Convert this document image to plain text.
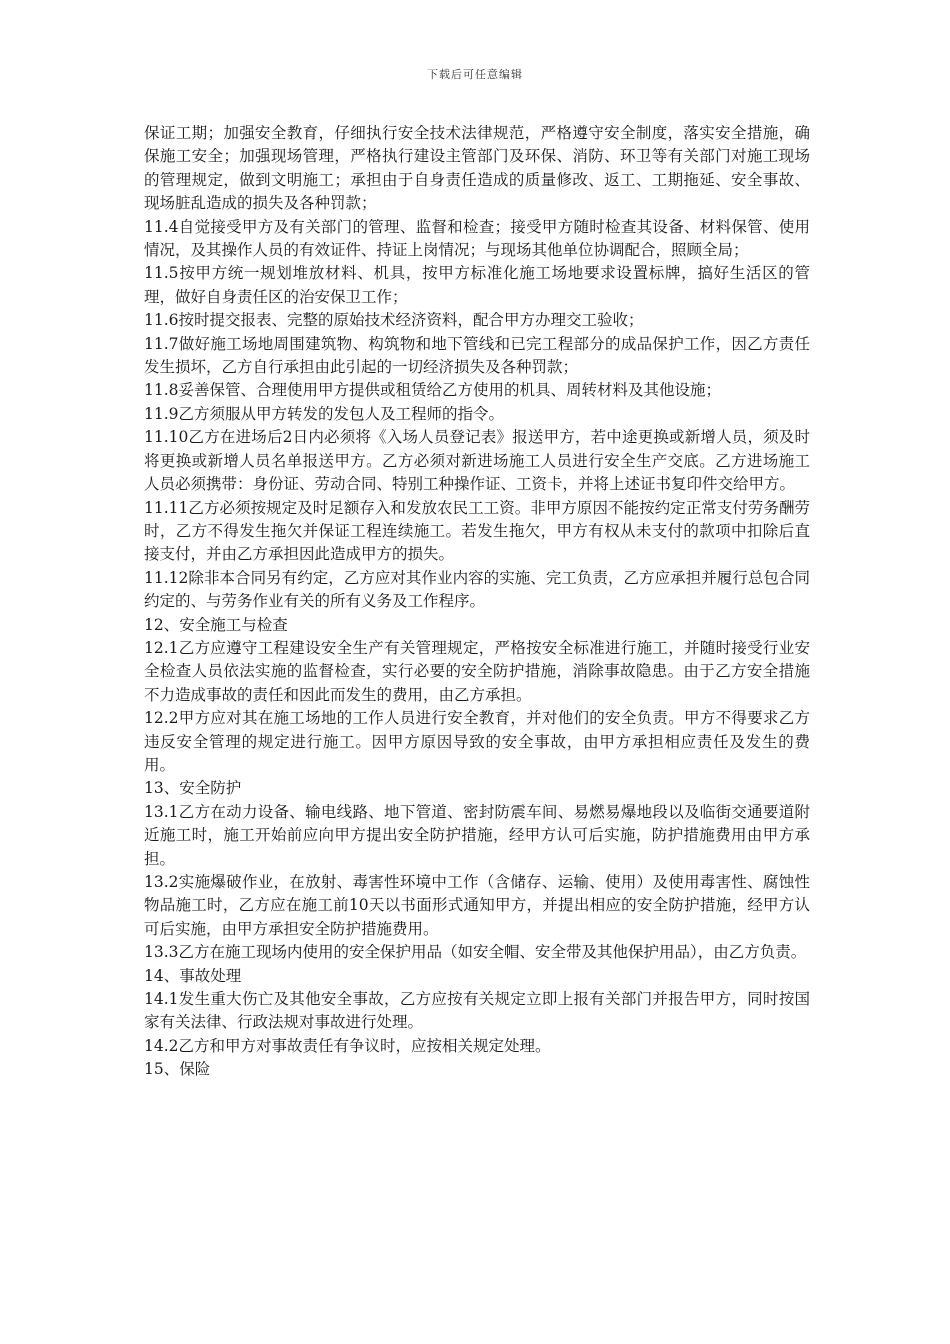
下载后可任意编辑

保证工期；加强安全教育，仔细执行安全技术法律规范，严格遵守安全制度，落实安全措施，确保施工安全；加强现场管理，严格执行建设主管部门及环保、消防、环卫等有关部门对施工现场的管理规定，做到文明施工；承担由于自身责任造成的质量修改、返工、工期拖延、安全事故、现场脏乱造成的损失及各种罚款；

11.4自觉接受甲方及有关部门的管理、监督和检查；接受甲方随时检查其设备、材料保管、使用情况，及其操作人员的有效证件、持证上岗情况；与现场其他单位协调配合，照顾全局；

11.5按甲方统一规划堆放材料、机具，按甲方标准化施工场地要求设置标牌，搞好生活区的管理，做好自身责任区的治安保卫工作；

11.6按时提交报表、完整的原始技术经济资料，配合甲方办理交工验收；

11.7做好施工场地周围建筑物、构筑物和地下管线和已完工程部分的成品保护工作，因乙方责任发生损坏，乙方自行承担由此引起的一切经济损失及各种罚款；

11.8妥善保管、合理使用甲方提供或租赁给乙方使用的机具、周转材料及其他设施；

11.9乙方须服从甲方转发的发包人及工程师的指令。

11.10乙方在进场后2日内必须将《入场人员登记表》报送甲方，若中途更换或新增人员，须及时将更换或新增人员名单报送甲方。乙方必须对新进场施工人员进行安全生产交底。乙方进场施工人员必须携带：身份证、劳动合同、特别工种操作证、工资卡，并将上述证书复印件交给甲方。

11.11乙方必须按规定及时足额存入和发放农民工工资。非甲方原因不能按约定正常支付劳务酬劳时，乙方不得发生拖欠并保证工程连续施工。若发生拖欠，甲方有权从未支付的款项中扣除后直接支付，并由乙方承担因此造成甲方的损失。

11.12除非本合同另有约定，乙方应对其作业内容的实施、完工负责，乙方应承担并履行总包合同约定的、与劳务作业有关的所有义务及工作程序。

12、安全施工与检查

12.1乙方应遵守工程建设安全生产有关管理规定，严格按安全标准进行施工，并随时接受行业安全检查人员依法实施的监督检查，实行必要的安全防护措施，消除事故隐患。由于乙方安全措施不力造成事故的责任和因此而发生的费用，由乙方承担。

12.2甲方应对其在施工场地的工作人员进行安全教育，并对他们的安全负责。甲方不得要求乙方违反安全管理的规定进行施工。因甲方原因导致的安全事故，由甲方承担相应责任及发生的费用。

13、安全防护

13.1乙方在动力设备、输电线路、地下管道、密封防震车间、易燃易爆地段以及临街交通要道附近施工时，施工开始前应向甲方提出安全防护措施，经甲方认可后实施，防护措施费用由甲方承担。

13.2实施爆破作业，在放射、毒害性环境中工作（含储存、运输、使用）及使用毒害性、腐蚀性物品施工时，乙方应在施工前10天以书面形式通知甲方，并提出相应的安全防护措施，经甲方认可后实施，由甲方承担安全防护措施费用。

13.3乙方在施工现场内使用的安全保护用品（如安全帽、安全带及其他保护用品），由乙方负责。

14、事故处理

14.1发生重大伤亡及其他安全事故，乙方应按有关规定立即上报有关部门并报告甲方，同时按国家有关法律、行政法规对事故进行处理。

14.2乙方和甲方对事故责任有争议时，应按相关规定处理。

15、保险
